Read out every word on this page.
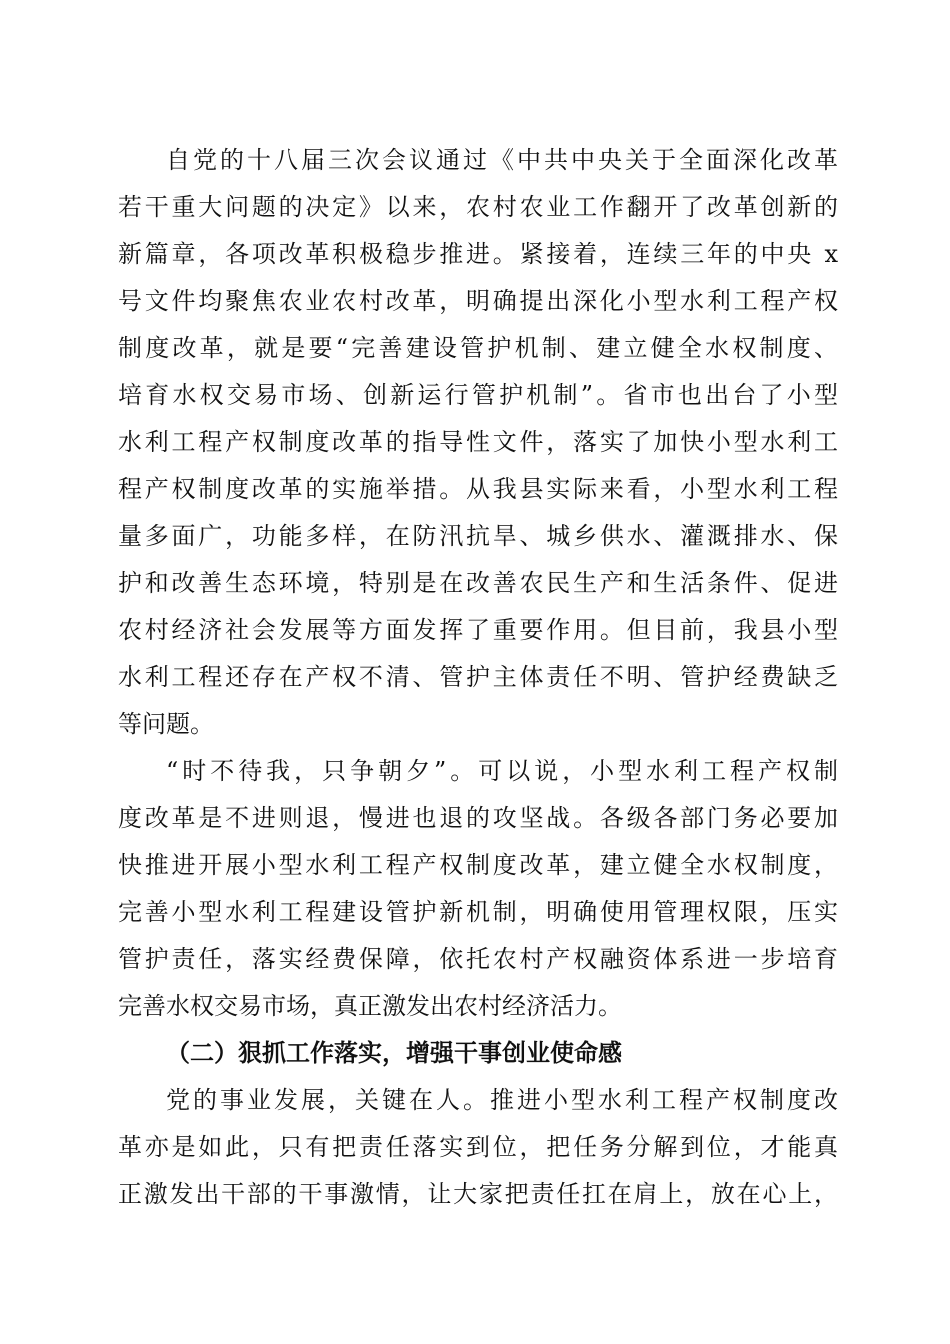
自党的十八届三次会议通过《中共中央关于全面深化改革
若干重大问题的决定》以来，农村农业工作翻开了改革创新的
新篇章，各项改革积极稳步推进。紧接着，连续三年的中央 x
号文件均聚焦农业农村改革，明确提出深化小型水利工程产权
制度改革，就是要“完善建设管护机制、建立健全水权制度、
培育水权交易市场、创新运行管护机制”。省市也出台了小型
水利工程产权制度改革的指导性文件，落实了加快小型水利工
程产权制度改革的实施举措。从我县实际来看，小型水利工程
量多面广，功能多样，在防汛抗旱、城乡供水、灌溉排水、保
护和改善生态环境，特别是在改善农民生产和生活条件、促进
农村经济社会发展等方面发挥了重要作用。但目前，我县小型
水利工程还存在产权不清、管护主体责任不明、管护经费缺乏
等问题。
“时不待我，只争朝夕”。可以说，小型水利工程产权制
度改革是不进则退，慢进也退的攻坚战。各级各部门务必要加
快推进开展小型水利工程产权制度改革，建立健全水权制度，
完善小型水利工程建设管护新机制，明确使用管理权限，压实
管护责任，落实经费保障，依托农村产权融资体系进一步培育
完善水权交易市场，真正激发出农村经济活力。
（二）狠抓工作落实，增强干事创业使命感
党的事业发展，关键在人。推进小型水利工程产权制度改
革亦是如此，只有把责任落实到位，把任务分解到位，才能真
正激发出干部的干事激情，让大家把责任扛在肩上，放在心上，
